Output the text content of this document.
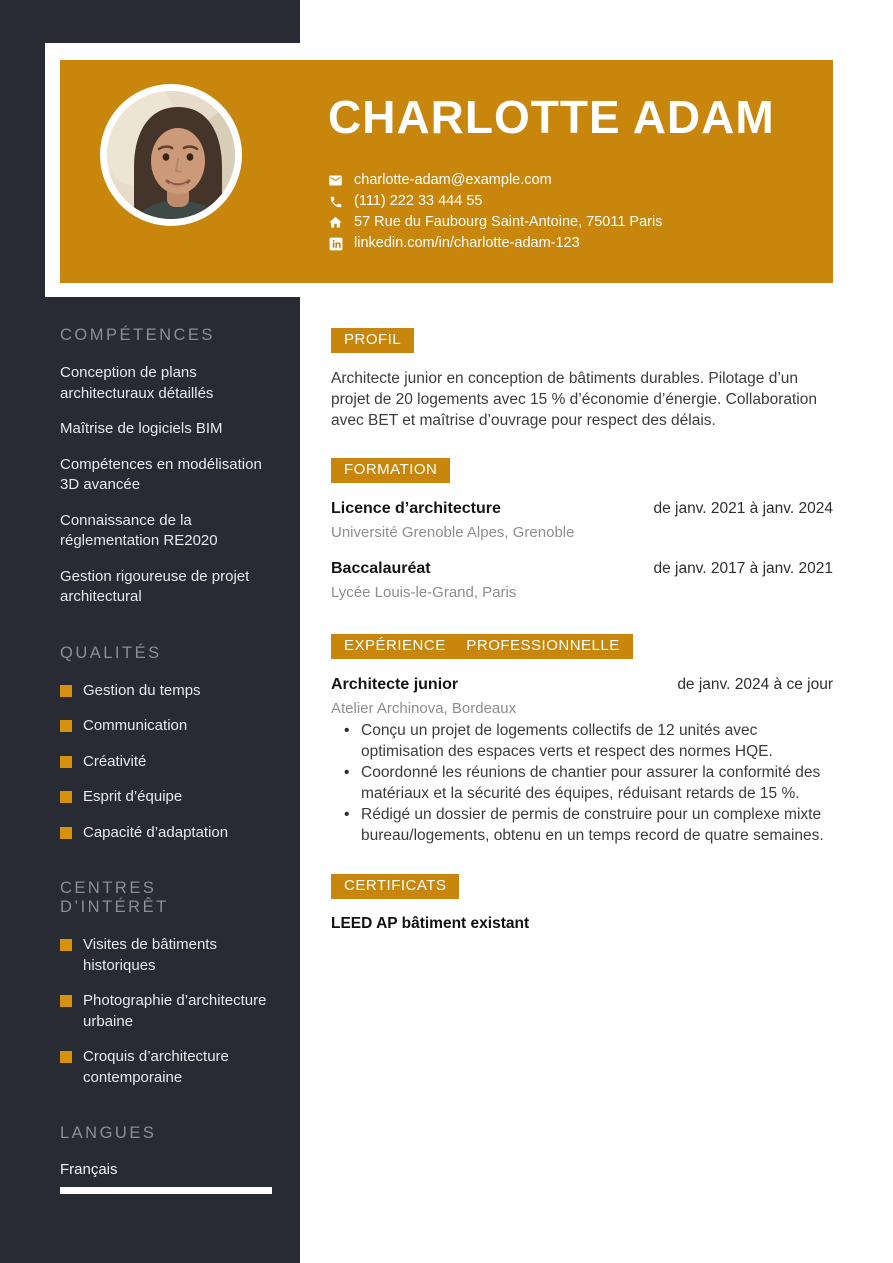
COMPÉTENCES
Conception de plans architecturaux détaillés
Maîtrise de logiciels BIM
Compétences en modélisation 3D avancée
Connaissance de la réglementation RE2020
Gestion rigoureuse de projet architectural
QUALITÉS
Gestion du temps
Communication
Créativité
Esprit d’équipe
Capacité d’adaptation
CENTRES D’INTÉRÊT
Visites de bâtiments historiques
Photographie d’architecture urbaine
Croquis d’architecture contemporaine
LANGUES
Français
CHARLOTTE ADAM
charlotte-adam@example.com
(111) 222 33 444 55
57 Rue du Faubourg Saint-Antoine, 75011 Paris
linkedin.com/in/charlotte-adam-123
PROFIL

Architecte junior en conception de bâtiments durables. Pilotage d’un projet de 20 logements avec 15 % d’économie d’énergie. Collaboration avec BET et maîtrise d’ouvrage pour respect des délais.

FORMATION
Licence d’architecture	de janv. 2021 à janv. 2024
Université Grenoble Alpes, Grenoble
Baccalauréat	de janv. 2017 à janv. 2021
Lycée Louis-le-Grand, Paris
EXPÉRIENCE PROFESSIONNELLE
Architecte junior	de janv. 2024 à ce jour
Atelier Archinova, Bordeaux
• Conçu un projet de logements collectifs de 12 unités avec optimisation des espaces verts et respect des normes HQE.
• Coordonné les réunions de chantier pour assurer la conformité des matériaux et la sécurité des équipes, réduisant retards de 15 %.
• Rédigé un dossier de permis de construire pour un complexe mixte bureau/logements, obtenu en un temps record de quatre semaines.
CERTIFICATS
LEED AP bâtiment existant
